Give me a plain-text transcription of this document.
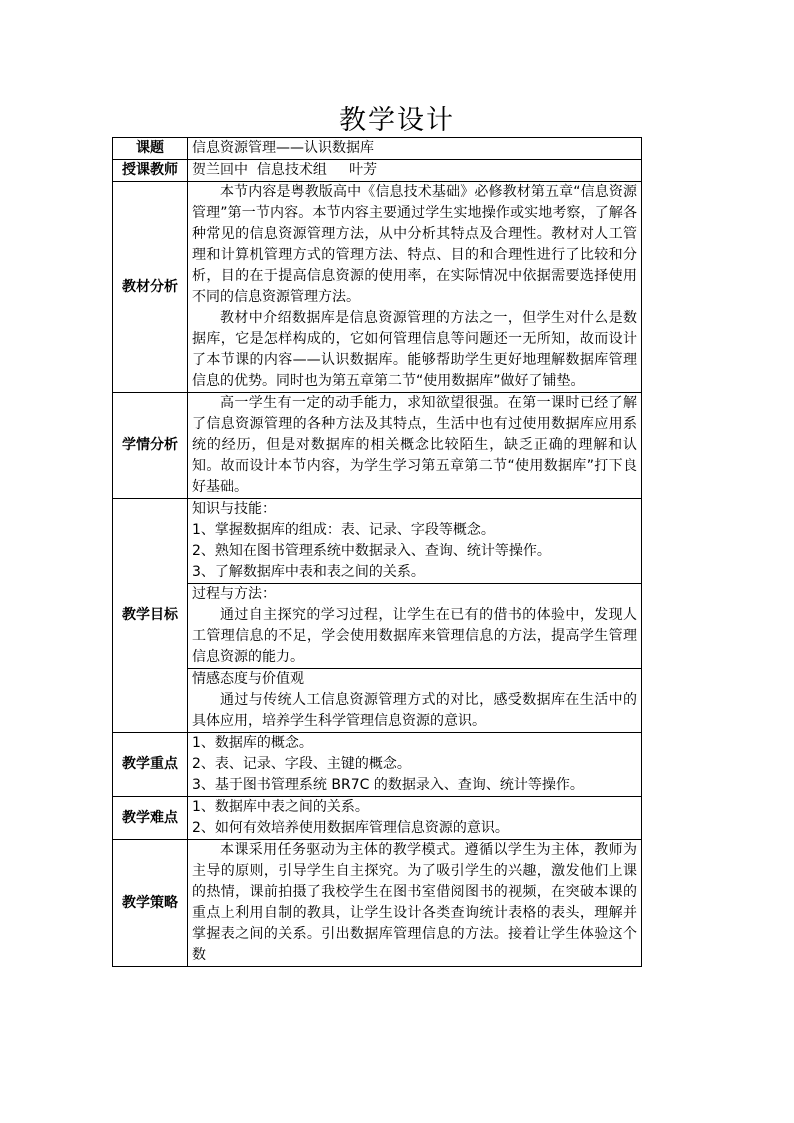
教学设计
课题	信息资源管理——认识数据库
授课教师	贺兰回中  信息技术组     叶芳
教材分析	本节内容是粤教版高中《信息技术基础》必修教材第五章“信息资源管理”第一节内容。本节内容主要通过学生实地操作或实地考察，了解各种常见的信息资源管理方法，从中分析其特点及合理性。教材对人工管理和计算机管理方式的管理方法、特点、目的和合理性进行了比较和分析，目的在于提高信息资源的使用率，在实际情况中依据需要选择使用不同的信息资源管理方法。

教材中介绍数据库是信息资源管理的方法之一，但学生对什么是数据库，它是怎样构成的，它如何管理信息等问题还一无所知，故而设计了本节课的内容——认识数据库。能够帮助学生更好地理解数据库管理信息的优势。同时也为第五章第二节“使用数据库”做好了铺垫。

学情分析	高一学生有一定的动手能力，求知欲望很强。在第一课时已经了解了信息资源管理的各种方法及其特点，生活中也有过使用数据库应用系统的经历，但是对数据库的相关概念比较陌生，缺乏正确的理解和认知。故而设计本节内容，为学生学习第五章第二节“使用数据库”打下良好基础。

教学目标	知识与技能：

1、掌握数据库的组成：表、记录、字段等概念。

2、熟知在图书管理系统中数据录入、查询、统计等操作。

3、了解数据库中表和表之间的关系。

	过程与方法：

通过自主探究的学习过程，让学生在已有的借书的体验中，发现人工管理信息的不足，学会使用数据库来管理信息的方法，提高学生管理信息资源的能力。

	情感态度与价值观

通过与传统人工信息资源管理方式的对比，感受数据库在生活中的具体应用，培养学生科学管理信息资源的意识。

教学重点	1、数据库的概念。

2、表、记录、字段、主键的概念。

3、基于图书管理系统 BR7C 的数据录入、查询、统计等操作。

教学难点	1、数据库中表之间的关系。

2、如何有效培养使用数据库管理信息资源的意识。

教学策略	本课采用任务驱动为主体的教学模式。遵循以学生为主体，教师为主导的原则，引导学生自主探究。为了吸引学生的兴趣，激发他们上课的热情，课前拍摄了我校学生在图书室借阅图书的视频，在突破本课的重点上利用自制的教具，让学生设计各类查询统计表格的表头，理解并掌握表之间的关系。引出数据库管理信息的方法。接着让学生体验这个数
